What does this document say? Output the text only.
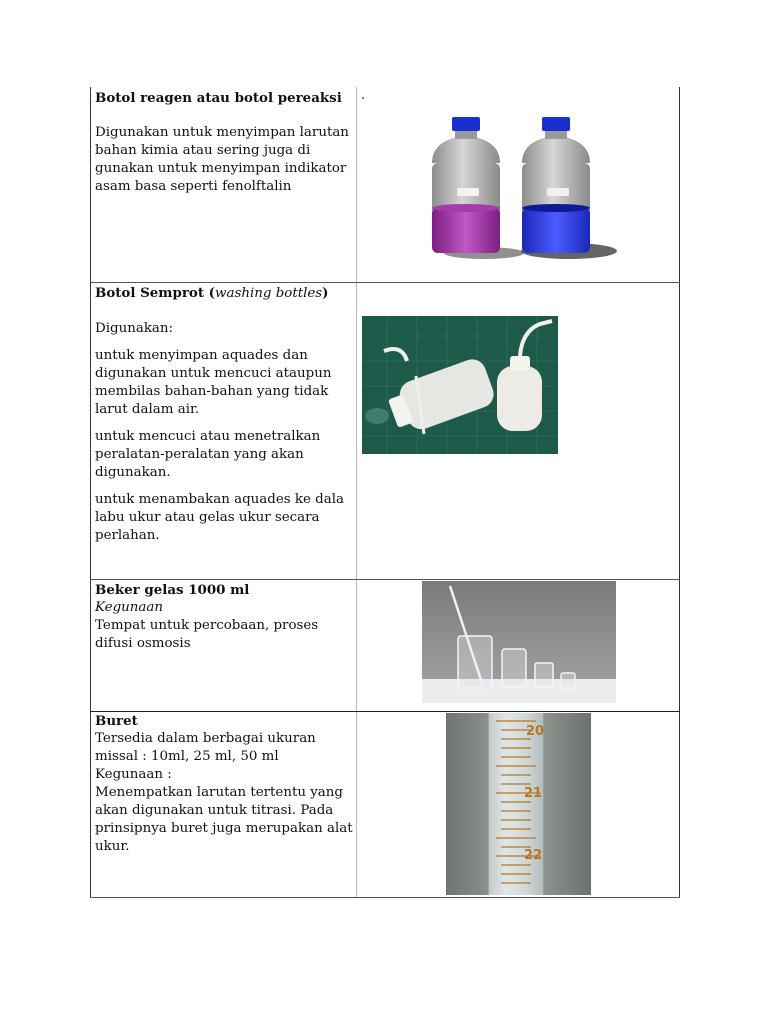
Botol reagen atau botol pereaksi

Digunakan untuk menyimpan larutan bahan kimia atau sering juga di gunakan untuk menyimpan indikator asam basa seperti fenolftalin

.

Botol Semprot (washing bottles)

Digunakan:

untuk menyimpan aquades dan digunakan untuk mencuci ataupun membilas bahan-bahan yang tidak larut dalam air.

untuk mencuci atau menetralkan peralatan-peralatan yang akan digunakan.

untuk menambakan aquades ke dala labu ukur atau gelas ukur secara perlahan.

Beker gelas 1000 ml

Kegunaan

Tempat untuk percobaan, proses difusi osmosis

Buret

Tersedia dalam berbagai ukuran

missal : 10ml, 25 ml, 50 ml

Kegunaan :

Menempatkan larutan tertentu yang akan digunakan untuk titrasi. Pada prinsipnya buret juga merupakan alat ukur.

20
21
22
